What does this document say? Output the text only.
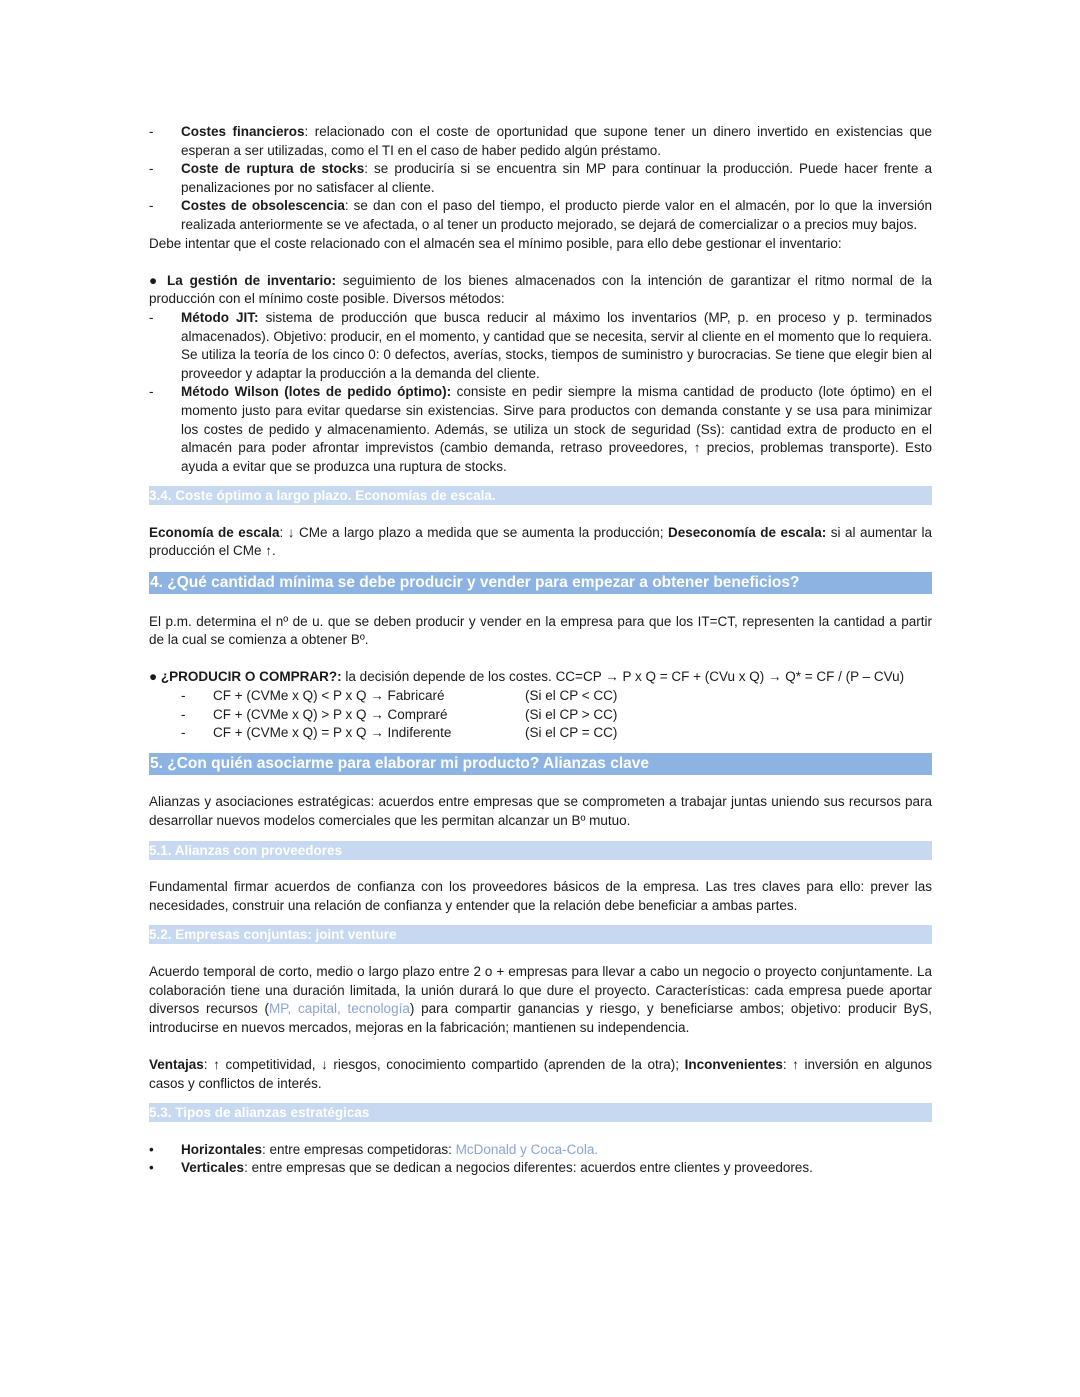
-	Costes financieros: relacionado con el coste de oportunidad que supone tener un dinero invertido en existencias que esperan a ser utilizadas, como el TI en el caso de haber pedido algún préstamo.
-	Coste de ruptura de stocks: se produciría si se encuentra sin MP para continuar la producción. Puede hacer frente a penalizaciones por no satisfacer al cliente.
-	Costes de obsolescencia: se dan con el paso del tiempo, el producto pierde valor en el almacén, por lo que la inversión realizada anteriormente se ve afectada, o al tener un producto mejorado, se dejará de comercializar o a precios muy bajos.

Debe intentar que el coste relacionado con el almacén sea el mínimo posible, para ello debe gestionar el inventario:

● La gestión de inventario: seguimiento de los bienes almacenados con la intención de garantizar el ritmo normal de la producción con el mínimo coste posible. Diversos métodos:

-	Método JIT: sistema de producción que busca reducir al máximo los inventarios (MP, p. en proceso y p. terminados almacenados). Objetivo: producir, en el momento, y cantidad que se necesita, servir al cliente en el momento que lo requiera. Se utiliza la teoría de los cinco 0: 0 defectos, averías, stocks, tiempos de suministro y burocracias. Se tiene que elegir bien al proveedor y adaptar la producción a la demanda del cliente.
-	Método Wilson (lotes de pedido óptimo): consiste en pedir siempre la misma cantidad de producto (lote óptimo) en el momento justo para evitar quedarse sin existencias. Sirve para productos con demanda constante y se usa para minimizar los costes de pedido y almacenamiento. Además, se utiliza un stock de seguridad (Ss): cantidad extra de producto en el almacén para poder afrontar imprevistos (cambio demanda, retraso proveedores, ↑ precios, problemas transporte). Esto ayuda a evitar que se produzca una ruptura de stocks.
3.4. Coste óptimo a largo plazo. Economías de escala.

Economía de escala: ↓ CMe a largo plazo a medida que se aumenta la producción; Deseconomía de escala: si al aumentar la producción el CMe ↑.

4. ¿Qué cantidad mínima se debe producir y vender para empezar a obtener beneficios?

El p.m. determina el nº de u. que se deben producir y vender en la empresa para que los IT=CT, representen la cantidad a partir de la cual se comienza a obtener Bº.

● ¿PRODUCIR O COMPRAR?: la decisión depende de los costes. CC=CP → P x Q = CF + (CVu x Q) → Q* = CF / (P – CVu)

-	CF + (CVMe x Q) < P x Q → Fabricaré	(Si el CP < CC)
-	CF + (CVMe x Q) > P x Q → Compraré	(Si el CP > CC)
-	CF + (CVMe x Q) = P x Q → Indiferente	(Si el CP = CC)
5. ¿Con quién asociarme para elaborar mi producto? Alianzas clave

Alianzas y asociaciones estratégicas: acuerdos entre empresas que se comprometen a trabajar juntas uniendo sus recursos para desarrollar nuevos modelos comerciales que les permitan alcanzar un Bº mutuo.

5.1. Alianzas con proveedores

Fundamental firmar acuerdos de confianza con los proveedores básicos de la empresa. Las tres claves para ello: prever las necesidades, construir una relación de confianza y entender que la relación debe beneficiar a ambas partes.

5.2. Empresas conjuntas: joint venture

Acuerdo temporal de corto, medio o largo plazo entre 2 o + empresas para llevar a cabo un negocio o proyecto conjuntamente. La colaboración tiene una duración limitada, la unión durará lo que dure el proyecto. Características: cada empresa puede aportar diversos recursos (MP, capital, tecnología) para compartir ganancias y riesgo, y beneficiarse ambos; objetivo: producir ByS, introducirse en nuevos mercados, mejoras en la fabricación; mantienen su independencia.

Ventajas: ↑ competitividad, ↓ riesgos, conocimiento compartido (aprenden de la otra); Inconvenientes: ↑ inversión en algunos casos y conflictos de interés.

5.3. Tipos de alianzas estratégicas
•	Horizontales: entre empresas competidoras: McDonald y Coca-Cola.
•	Verticales: entre empresas que se dedican a negocios diferentes: acuerdos entre clientes y proveedores.
